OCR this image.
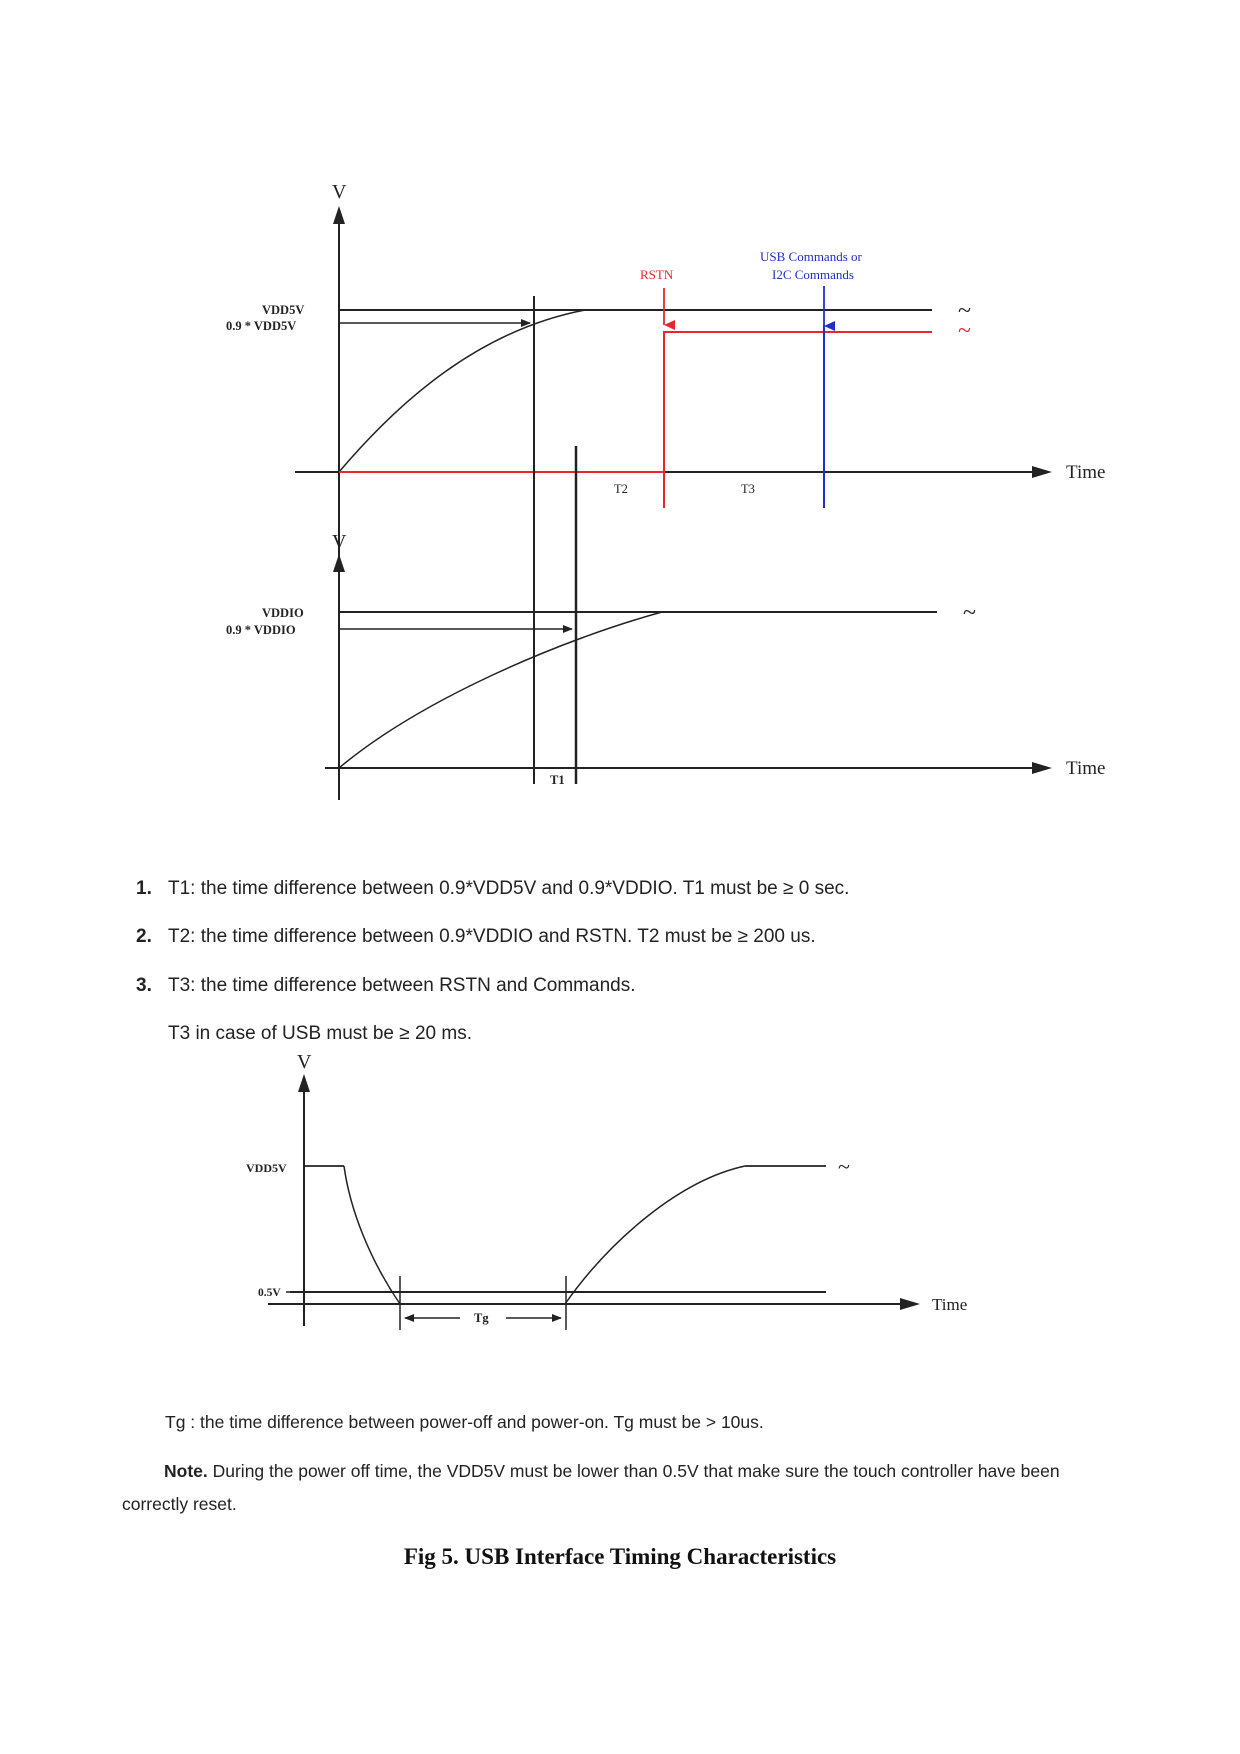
V
Time
VDD5V
0.9 * VDD5V
RSTN
USB Commands or
I2C Commands
T2	T3
~
~
V
Time
VDDIO
0.9 * VDDIO
T1
~
V
Time
0.5V
VDD5V	~
Tg
1. T1: the time difference between 0.9*VDD5V and 0.9*VDDIO. T1 must be ≥ 0 sec.
2. T2: the time difference between 0.9*VDDIO and RSTN. T2 must be ≥ 200 us.
3. T3: the time difference between RSTN and Commands.
T3 in case of USB must be ≥ 20 ms.
Tg : the time difference between power-off and power-on. Tg must be > 10us.
Note. During the power off time, the VDD5V must be lower than 0.5V that make sure the touch controller have been correctly reset.
Fig 5. USB Interface Timing Characteristics
